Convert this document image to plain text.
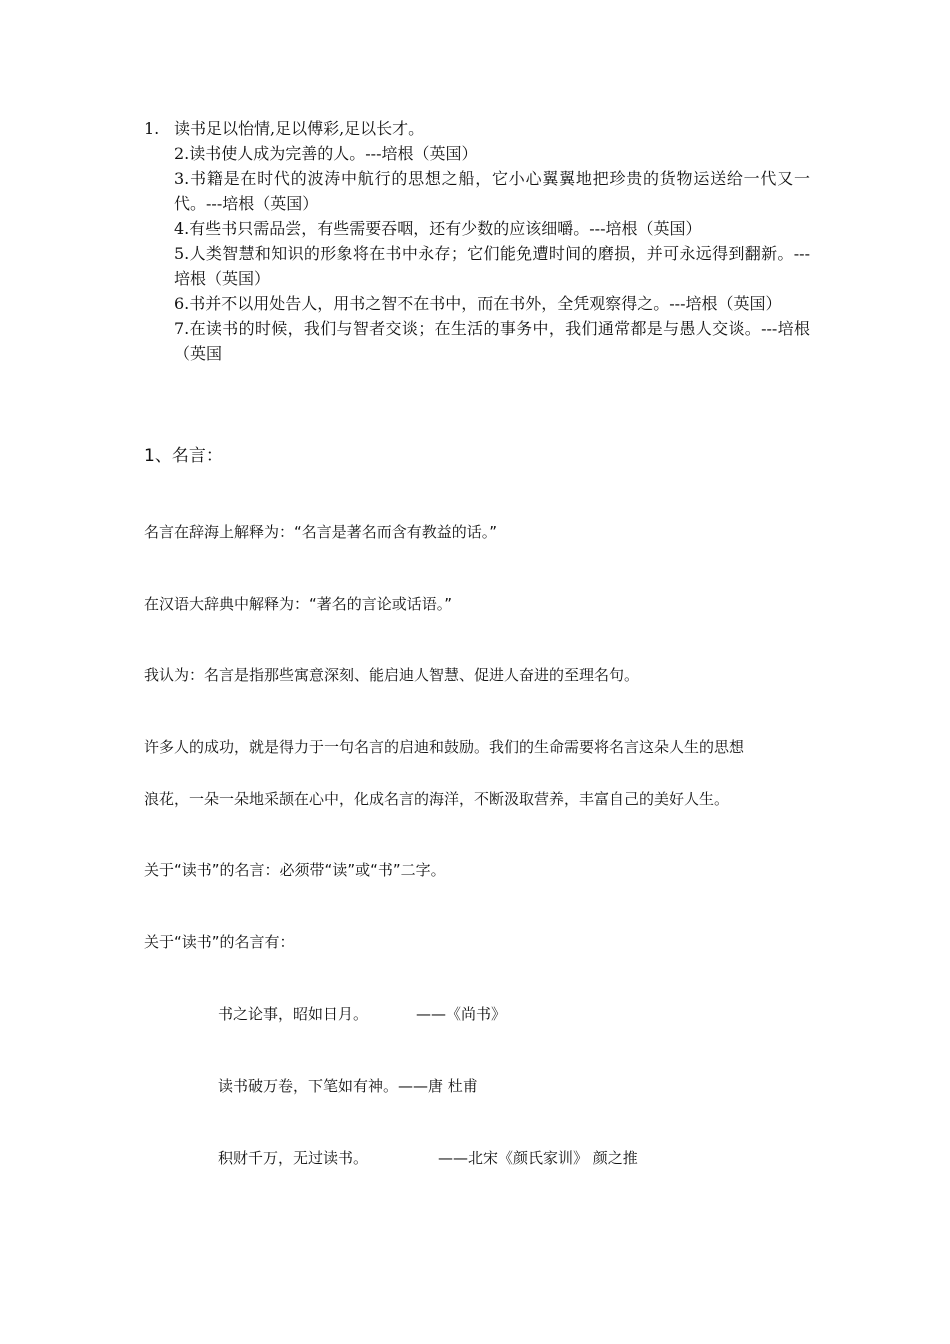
1. 读书足以怡情,足以傅彩,足以长才。
2.读书使人成为完善的人。---培根（英国）
3.书籍是在时代的波涛中航行的思想之船，它小心翼翼地把珍贵的货物运送给一代又一代。---培根（英国）
4.有些书只需品尝，有些需要吞咽，还有少数的应该细嚼。---培根（英国）
5.人类智慧和知识的形象将在书中永存；它们能免遭时间的磨损，并可永远得到翻新。---培根（英国）
6.书并不以用处告人，用书之智不在书中，而在书外，全凭观察得之。---培根（英国）
7.在读书的时候，我们与智者交谈；在生活的事务中，我们通常都是与愚人交谈。---培根（英国
1、名言：
名言在辞海上解释为：“名言是著名而含有教益的话。”
在汉语大辞典中解释为：“著名的言论或话语。”
我认为：名言是指那些寓意深刻、能启迪人智慧、促进人奋进的至理名句。
许多人的成功，就是得力于一句名言的启迪和鼓励。我们的生命需要将名言这朵人生的思想
浪花，一朵一朵地采颉在心中，化成名言的海洋，不断汲取营养，丰富自己的美好人生。
关于“读书”的名言：必须带“读”或“书”二字。
关于“读书”的名言有：
书之论事，昭如日月。	——《尚书》
读书破万卷，下笔如有神。——唐 杜甫
积财千万，无过读书。	——北宋《颜氏家训》 颜之推
